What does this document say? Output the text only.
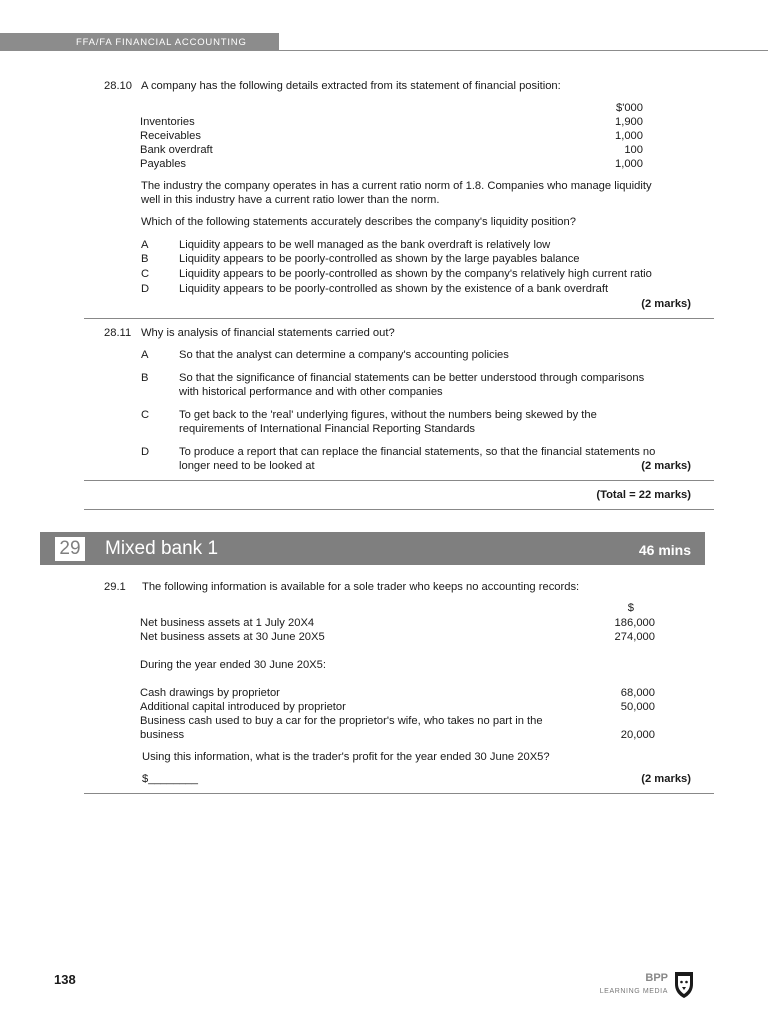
FFA/FA FINANCIAL ACCOUNTING
28.10 A company has the following details extracted from its statement of financial position:
$'000
Inventories	1,900
Receivables	1,000
Bank overdraft	100
Payables	1,000
The industry the company operates in has a current ratio norm of 1.8. Companies who manage liquidity
well in this industry have a current ratio lower than the norm.
Which of the following statements accurately describes the company's liquidity position?
A	Liquidity appears to be well managed as the bank overdraft is relatively low
B	Liquidity appears to be poorly-controlled as shown by the large payables balance
C	Liquidity appears to be poorly-controlled as shown by the company's relatively high current ratio
D	Liquidity appears to be poorly-controlled as shown by the existence of a bank overdraft
(2 marks)
28.11 Why is analysis of financial statements carried out?
A	So that the analyst can determine a company's accounting policies
B	So that the significance of financial statements can be better understood through comparisons
with historical performance and with other companies
C	To get back to the 'real' underlying figures, without the numbers being skewed by the
requirements of International Financial Reporting Standards
D	To produce a report that can replace the financial statements, so that the financial statements no
longer need to be looked at	(2 marks)
(Total = 22 marks)
29 Mixed bank 1	46 mins
29.1 The following information is available for a sole trader who keeps no accounting records:
$
Net business assets at 1 July 20X4	186,000
Net business assets at 30 June 20X5	274,000
During the year ended 30 June 20X5:
Cash drawings by proprietor	68,000
Additional capital introduced by proprietor	50,000
Business cash used to buy a car for the proprietor's wife, who takes no part in the
business	20,000
Using this information, what is the trader's profit for the year ended 30 June 20X5?
$________	(2 marks)
138	BPP
LEARNING MEDIA
